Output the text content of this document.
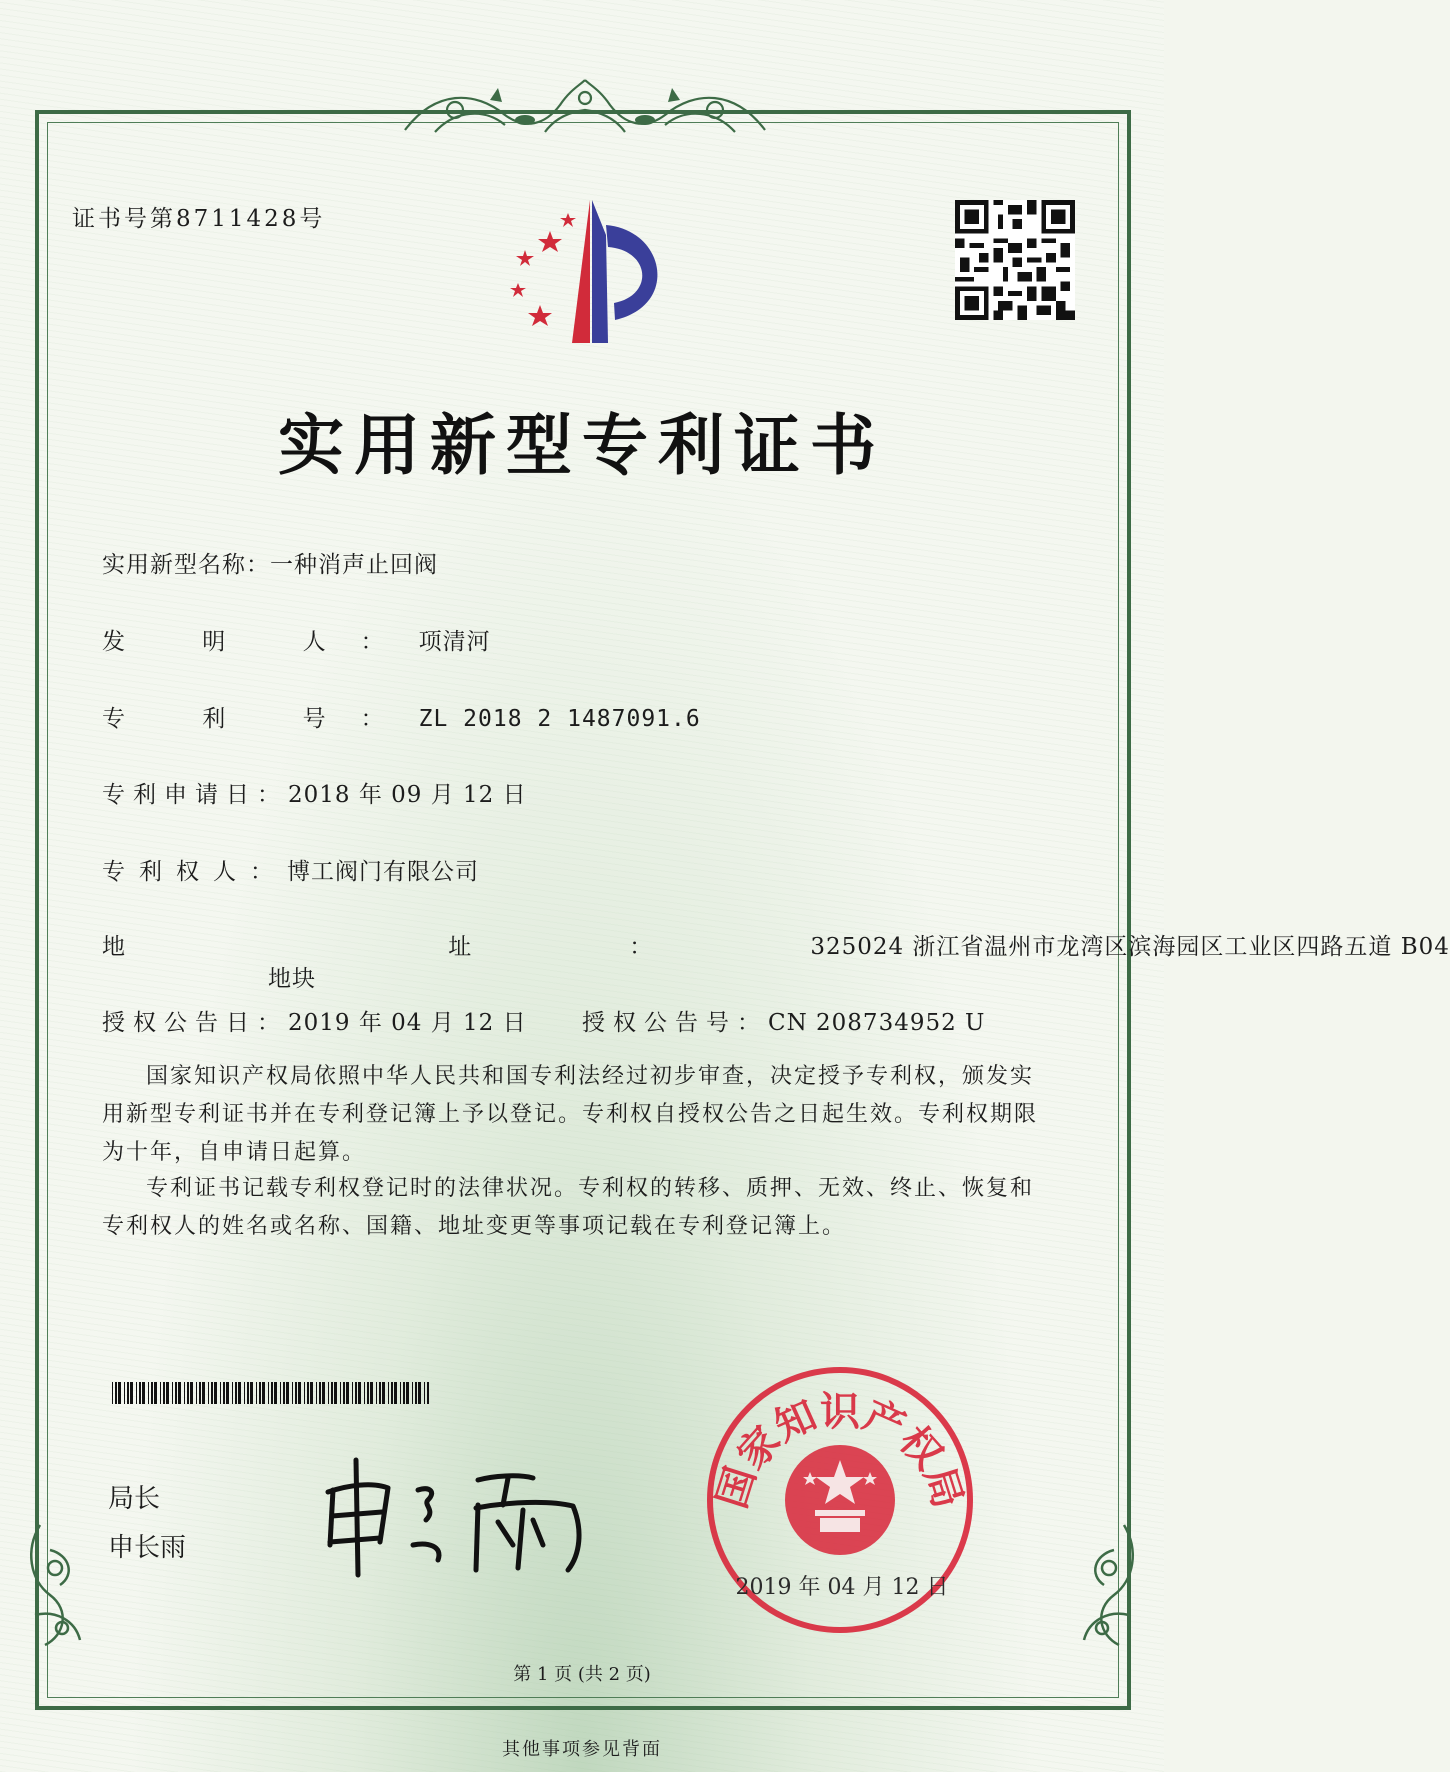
证书号第8711428号
实用新型专利证书
实用新型名称：一种消声止回阀
发 明 人：项清河
专 利 号：ZL 2018 2 1487091.6
专利申请日：2018 年 09 月 12 日
专利权人：博工阀门有限公司
地 址：325024 浙江省温州市龙湾区滨海园区工业区四路五道 B04
地块
授权公告日：2019 年 04 月 12 日 授权公告号：CN 208734952 U
国家知识产权局依照中华人民共和国专利法经过初步审查，决定授予专利权，颁发实用新型专利证书并在专利登记簿上予以登记。专利权自授权公告之日起生效。专利权期限为十年，自申请日起算。
专利证书记载专利权登记时的法律状况。专利权的转移、质押、无效、终止、恢复和专利权人的姓名或名称、国籍、地址变更等事项记载在专利登记簿上。
局长
申长雨
国家知识产权局
2019 年 04 月 12 日
第 1 页 (共 2 页)
其他事项参见背面
